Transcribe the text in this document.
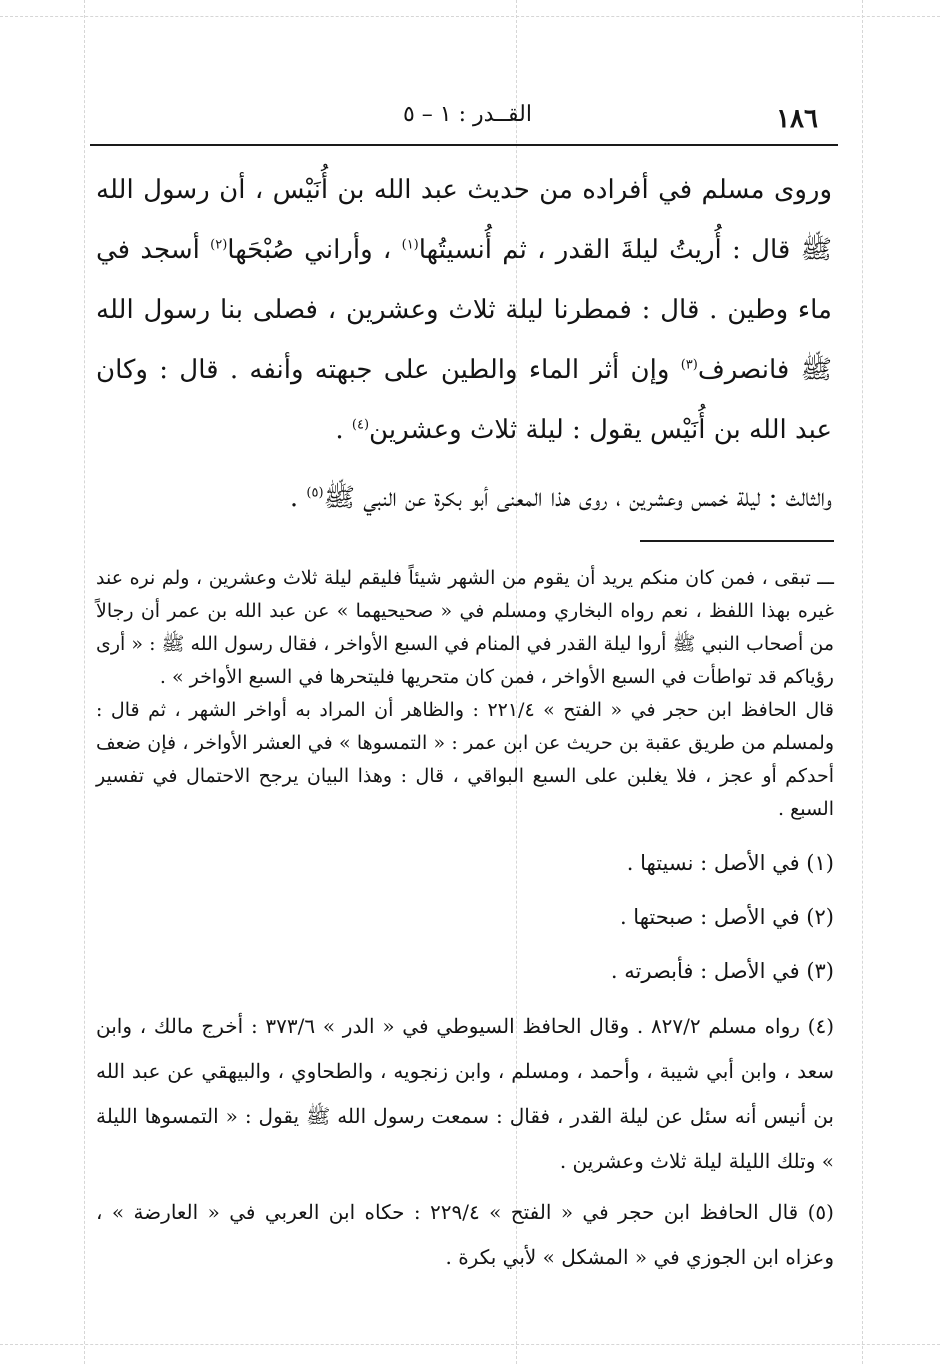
١٨٦
القــدر : ١ – ٥

وروى مسلم في أفراده من حديث عبد الله بن أُنَيْس ، أن رسول الله ﷺ قال : أُريتُ ليلةَ القدر ، ثم أُنسيتُها$^{(١)}$ ، وأراني صُبْحَها$^{(٢)}$ أسجد في ماء وطين . قال : فمطرنا ليلة ثلاث وعشرين ، فصلى بنا رسول الله ﷺ فانصرف$^{(٣)}$ وإن أثر الماء والطين على جبهته وأنفه . قال : وكان عبد الله بن أُنَيْس يقول : ليلة ثلاث وعشرين$^{(٤)}$ .

والثالث : ليلة خمس وعشرين ، روى هذا المعنى أبو بكرة عن النبي ﷺ$^{(٥)}$ .

ـــ تبقى ، فمن كان منكم يريد أن يقوم من الشهر شيئاً فليقم ليلة ثلاث وعشرين ، ولم نره عند غيره بهذا اللفظ ، نعم رواه البخاري ومسلم في « صحيحيهما » عن عبد الله بن عمر أن رجالاً من أصحاب النبي ﷺ أروا ليلة القدر في المنام في السبع الأواخر ، فقال رسول الله ﷺ : « أرى رؤياكم قد تواطأت في السبع الأواخر ، فمن كان متحريها فليتحرها في السبع الأواخر » .

قال الحافظ ابن حجر في « الفتح » ٢٢١/٤ : والظاهر أن المراد به أواخر الشهر ، ثم قال : ولمسلم من طريق عقبة بن حريث عن ابن عمر : « التمسوها » في العشر الأواخر ، فإن ضعف أحدكم أو عجز ، فلا يغلبن على السبع البواقي ، قال : وهذا البيان يرجح الاحتمال في تفسير السبع .

(١) في الأصل : نسيتها .

(٢) في الأصل : صبحتها .

(٣) في الأصل : فأبصرته .

(٤) رواه مسلم ٨٢٧/٢ . وقال الحافظ السيوطي في « الدر » ٣٧٣/٦ : أخرج مالك ، وابن سعد ، وابن أبي شيبة ، وأحمد ، ومسلم ، وابن زنجويه ، والطحاوي ، والبيهقي عن عبد الله بن أنيس أنه سئل عن ليلة القدر ، فقال : سمعت رسول الله ﷺ يقول : « التمسوها الليلة » وتلك الليلة ليلة ثلاث وعشرين .

(٥) قال الحافظ ابن حجر في « الفتح » ٢٢٩/٤ : حكاه ابن العربي في « العارضة » ، وعزاه ابن الجوزي في « المشكل » لأبي بكرة .
